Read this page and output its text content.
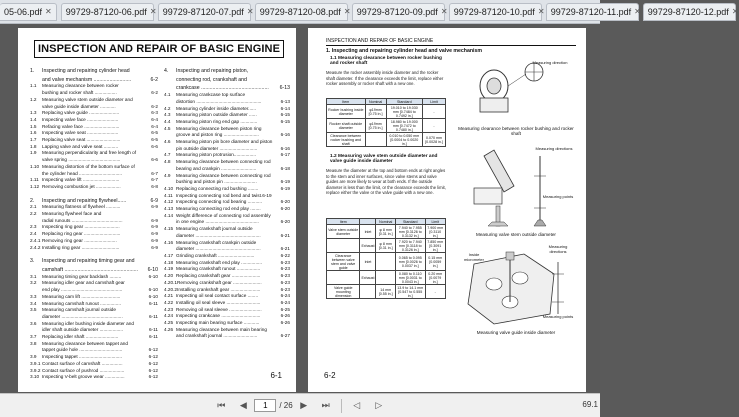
05-06.pdf ✕ 99729-87120-06.pdf ✕ 99729-87120-07.pdf ✕ 99729-87120-08.pdf ✕ 99729-87120-09.pdf ✕ 99729-87120-10.pdf ✕ 99729-87120-11.pdf ✕ 99729-87120-12.pdf ✕
INSPECTION AND REPAIR OF BASIC ENGINE
1.	Inspecting and repairing cylinder head
and valve mechanism ..........................	6-2
1.1	Measuring clearance between rocker
bushing and rocker shaft .................	6-2
1.2	Measuring valve stem outside diameter and
valve guide inside diameter ............	6-2
1.3	Replacing valve guide .......................	6-3
1.4	Inspecting valve face ........................	6-4
1.5	Refacing valve face ...........................	6-4
1.6	Inspecting valve seat ........................	6-5
1.7	Replacing valve seat ..........................	6-5
1.8	Lapping valve and valve seat ...........	6-6
1.9	Measuring perpendicularity and free length of
valve spring ........................................	6-6
1.10 Measuring distortion of the bottom surface of
the cylinder head .................................	6-7
1.11 Inspecting valve lift ............................	6-7
1.12 Removing combustion jet ...................	6-8
2.	Inspecting and repairing flywheel......	6-9
2.1	Measuring flatness of flywheel ...........	6-9
2.2	Measuring flywheel face and
radial runouts .......................................	6-9
2.3	Inspecting ring gear ...........................	6-9
2.4	Replacing ring gear ............................	6-9
2.4.1 Removing ring gear .........................	6-9
2.4.2 Installing ring gear .............................	6-9
3.	Inspecting and repairing timing gear and
camshaft ...................................................	6-10
3.1	Measuring timing gear backlash .........	6-10
3.2	Measuring idler gear and camshaft gear
end play ...............................................	6-10
3.3	Measuring cam lift ..............................	6-10
3.4	Measuring camshaft runout ................	6-11
3.5	Measuring camshaft journal outside
diameter ...............................................	6-11
3.6	Measuring idler bushing inside diameter and
idler shaft outside diameter ..................	6-11
3.7	Replacing idler shaft .........................	6-11
3.8	Measuring clearance between tappet and
tappet guide hole .................................	6-12
3.9	Inspecting tappet .................................	6-12
3.9.1 Contact surface of camshaft ................	6-12
3.9.2 Contact surface of pushrod ...................	6-12
3.10 Inspecting V-belt groove wear ...............	6-12
4.	Inspecting and repairing piston,
connecting rod, crankshaft and
crankcase ...............................................	6-13
4.1	Measuring crankcase top surface
distortion ..................................................	6-13
4.2	Measuring cylinder inside diameter......	6-14
4.3	Measuring piston outside diameter ......	6-15
4.4	Measuring piston ring end gap .............	6-15
4.5	Measuring clearance between piston ring
groove and piston ring ...........................	6-16
4.6	Measuring piston pin bore diameter and piston
pin outside diameter .............................	6-16
4.7	Measuring piston protrusion.................	6-17
4.8	Measuring clearance between connecting rod
bearing and crankpin ...........................	6-18
4.9	Measuring clearance between connecting rod
bushing and piston pin .........................	6-19
4.10 Replacing connecting rod bushing ........	6-19
4.11 Inspecting connecting rod bend and twist.6-19
4.12 Inspecting connecting rod bearing ...........	6-20
4.13 Measuring connecting rod end play ........	6-20
4.14 Weight difference of connecting rod assembly
in one engine .........................................	6-20
4.15 Measuring crankshaft journal outside
diameter ..................................................	6-21
4.16 Measuring crankshaft crankpin outside
diameter ..................................................	6-21
4.17 Grinding crankshaft ............................	6-22
4.18 Measuring crankshaft end play ................	6-23
4.19 Measuring crankshaft runout ..................	6-23
4.20 Replacing crankshaft gear ......................	6-23
4.20.1 Removing crankshaft gear ......................	6-23
4.20.2 Installing crankshaft gear .......................	6-23
4.21 Inspecting oil seal contact surface ........	6-24
4.22 Installing oil seal sleeve ..........................	6-24
4.23 Removing oil seal sleeve .........................	6-25
4.24 Inspecting crankcase ..............................	6-26
4.25 Inspecting main bearing surface ............	6-26
4.26 Measuring clearance between main bearing
and crankshaft journal ..........................	6-27
6-1
INSPECTION AND REPAIR OF BASIC ENGINE
1. Inspecting and repairing cylinder head and valve mechanism
1.1 Measuring clearance between rocker bushing and rocker shaft
Measure the rocker assembly inside diameter and the rocker shaft diameter. If the clearance exceeds the limit, replace either rocker assembly or rocker shaft with a new one.
Item	Nominal	Standard	Limit
Rocker bushing inside diameter	φ19mm [0.75 in.]	19.010 to 19.030 mm [0.7484 to 0.7492 in.]	-
Rocker shaft outside diameter	φ19mm [0.75 in.]	18.980 to 19.000 mm [0.7472 to 0.7480 in.]	-
Clearance between rocker bushing and shaft		0.010 to 0.050 mm [0.0004 to 0.0020 in.]	0.070 mm [0.0028 in.]
1.2 Measuring valve stem outside diameter and valve guide inside diameter
Measure the diameter at the top and bottom ends at right angles to the stem and inner surfaces, since valve stems and valve guides are more likely to wear at both ends. If the outside diameter is less than the limit, or the clearance exceeds the limit, replace either the valve or the valve guide with a new one.
Item		Nominal	Standard	Limit
Valve stem outside diameter	Inlet	φ 8 mm [0.31 in.]	7.940 to 7.955 mm [0.3126 to 0.3132 in.]	7.900 mm [0.3110 in.]
	Exhaust	φ 8 mm [0.31 in.]	7.920 to 7.940 mm [0.3118 to 0.3126 in.]	7.850 mm [0.3091 in.]
Clearance between valve stem and valve guide	Inlet		0.065 to 0.095 mm [0.0026 to 0.0037 in.]	0.15 mm [0.0059 in.]
	Exhaust		0.080 to 0.110 mm [0.0031 to 0.0043 in.]	0.20 mm [0.0079 in.]
Valve guide mounting dimension		14 mm [0.55 in.]	13.9 to 14.1 mm [0.547 to 0.555 in.]	-
Measuring direction
Measuring clearance between rocker bushing and rocker shaft
Measuring directions
Measuring points
Measuring valve stem outside diameter
Inside micrometer
Measuring directions
Measuring points
Measuring valve guide inside diameter
6-2
⏮	◀	1	/ 26 ▶	⏭	◁	▷	69.1
